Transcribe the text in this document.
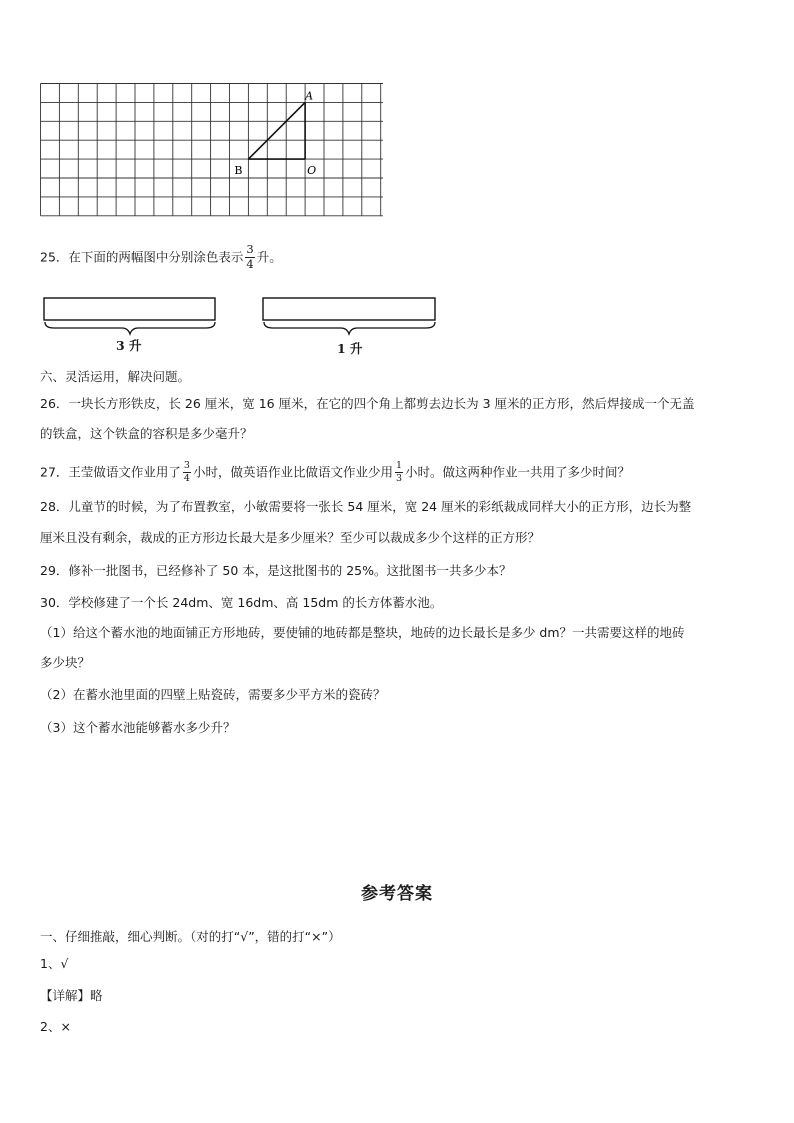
A
B	O
25．在下面的两幅图中分别涂色表示 $\frac{3}{4}$ 升。
3 升	1 升
六、灵活运用，解决问题。
26．一块长方形铁皮，长 26 厘米，宽 16 厘米，在它的四个角上都剪去边长为 3 厘米的正方形，然后焊接成一个无盖
的铁盒，这个铁盒的容积是多少毫升？
27．王莹做语文作业用了 $\frac{3}{4}$ 小时，做英语作业比做语文作业少用 $\frac{1}{3}$ 小时。做这两种作业一共用了多少时间？
28．儿童节的时候，为了布置教室，小敏需要将一张长 54 厘米，宽 24 厘米的彩纸裁成同样大小的正方形，边长为整
厘米且没有剩余，裁成的正方形边长最大是多少厘米？至少可以裁成多少个这样的正方形？
29．修补一批图书，已经修补了 50 本，是这批图书的 25%。这批图书一共多少本？
30．学校修建了一个长 24dm、宽 16dm、高 15dm 的长方体蓄水池。
（1）给这个蓄水池的地面铺正方形地砖，要使铺的地砖都是整块，地砖的边长最长是多少 dm？一共需要这样的地砖
多少块？
（2）在蓄水池里面的四壁上贴瓷砖，需要多少平方米的瓷砖？
（3）这个蓄水池能够蓄水多少升？
参考答案
一、仔细推敲，细心判断。（对的打“√”，错的打“×”）
1、√
【详解】略
2、×
